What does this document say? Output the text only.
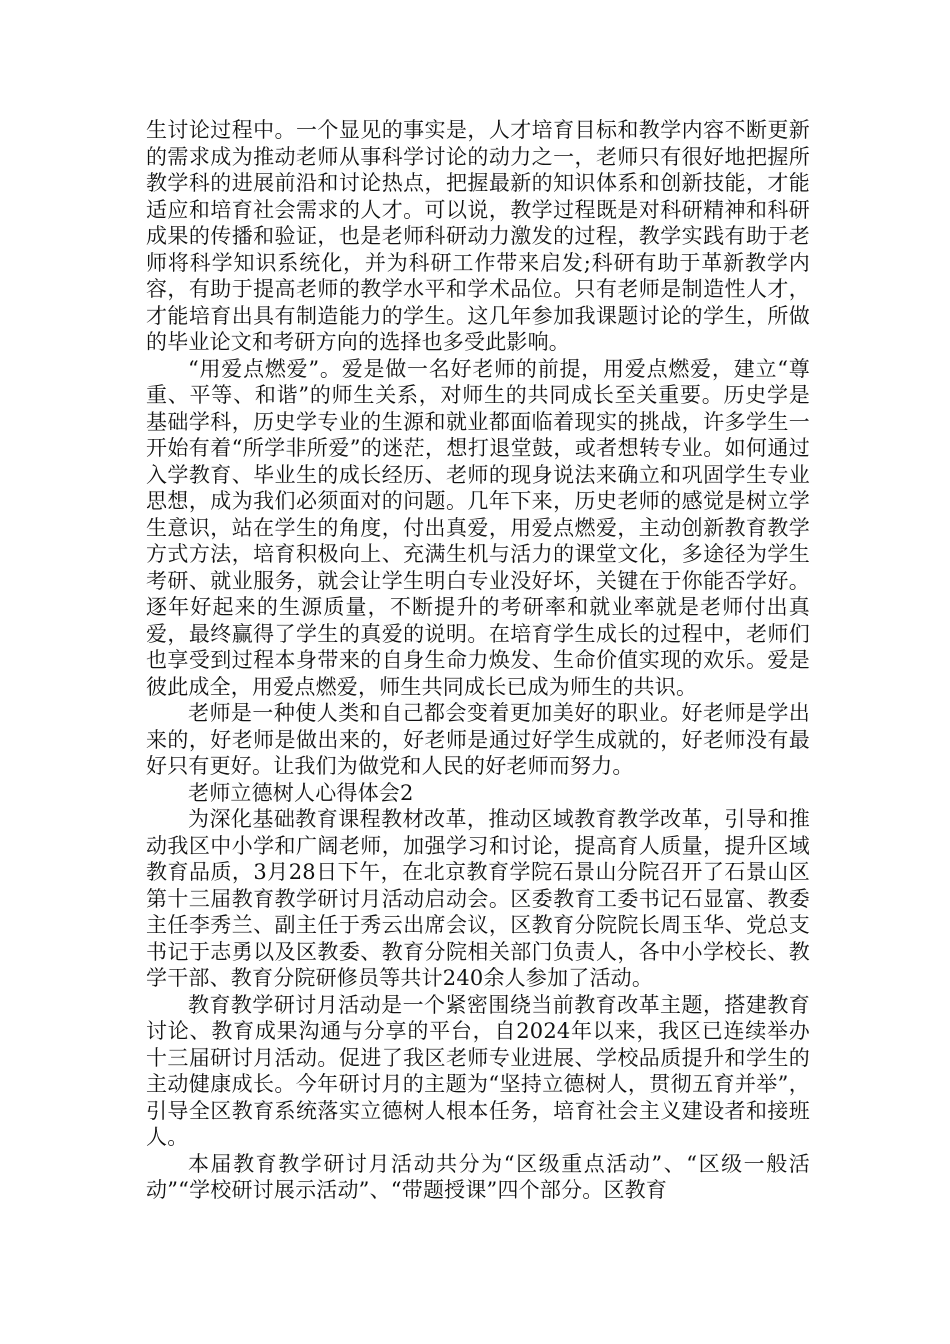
生讨论过程中。一个显见的事实是，人才培育目标和教学内容不断更新的需求成为推动老师从事科学讨论的动力之一，老师只有很好地把握所教学科的进展前沿和讨论热点，把握最新的知识体系和创新技能，才能适应和培育社会需求的人才。可以说，教学过程既是对科研精神和科研成果的传播和验证，也是老师科研动力激发的过程，教学实践有助于老师将科学知识系统化，并为科研工作带来启发;科研有助于革新教学内容，有助于提高老师的教学水平和学术品位。只有老师是制造性人才，才能培育出具有制造能力的学生。这几年参加我课题讨论的学生，所做的毕业论文和考研方向的选择也多受此影响。

“用爱点燃爱”。爱是做一名好老师的前提，用爱点燃爱，建立“尊重、平等、和谐”的师生关系，对师生的共同成长至关重要。历史学是基础学科，历史学专业的生源和就业都面临着现实的挑战，许多学生一开始有着“所学非所爱”的迷茫，想打退堂鼓，或者想转专业。如何通过入学教育、毕业生的成长经历、老师的现身说法来确立和巩固学生专业思想，成为我们必须面对的问题。几年下来，历史老师的感觉是树立学生意识，站在学生的角度，付出真爱，用爱点燃爱，主动创新教育教学方式方法，培育积极向上、充满生机与活力的课堂文化，多途径为学生考研、就业服务，就会让学生明白专业没好坏，关键在于你能否学好。逐年好起来的生源质量，不断提升的考研率和就业率就是老师付出真爱，最终赢得了学生的真爱的说明。在培育学生成长的过程中，老师们也享受到过程本身带来的自身生命力焕发、生命价值实现的欢乐。爱是彼此成全，用爱点燃爱，师生共同成长已成为师生的共识。

老师是一种使人类和自己都会变着更加美好的职业。好老师是学出来的，好老师是做出来的，好老师是通过好学生成就的，好老师没有最好只有更好。让我们为做党和人民的好老师而努力。

老师立德树人心得体会2

为深化基础教育课程教材改革，推动区域教育教学改革，引导和推动我区中小学和广阔老师，加强学习和讨论，提高育人质量，提升区域教育品质，3月28日下午，在北京教育学院石景山分院召开了石景山区第十三届教育教学研讨月活动启动会。区委教育工委书记石显富、教委主任李秀兰、副主任于秀云出席会议，区教育分院院长周玉华、党总支书记于志勇以及区教委、教育分院相关部门负责人，各中小学校长、教学干部、教育分院研修员等共计240余人参加了活动。

教育教学研讨月活动是一个紧密围绕当前教育改革主题，搭建教育讨论、教育成果沟通与分享的平台，自2024年以来，我区已连续举办十三届研讨月活动。促进了我区老师专业进展、学校品质提升和学生的主动健康成长。今年研讨月的主题为“坚持立德树人，贯彻五育并举”，引导全区教育系统落实立德树人根本任务，培育社会主义建设者和接班人。

本届教育教学研讨月活动共分为“区级重点活动”、“区级一般活动”“学校研讨展示活动”、“带题授课”四个部分。区教育
